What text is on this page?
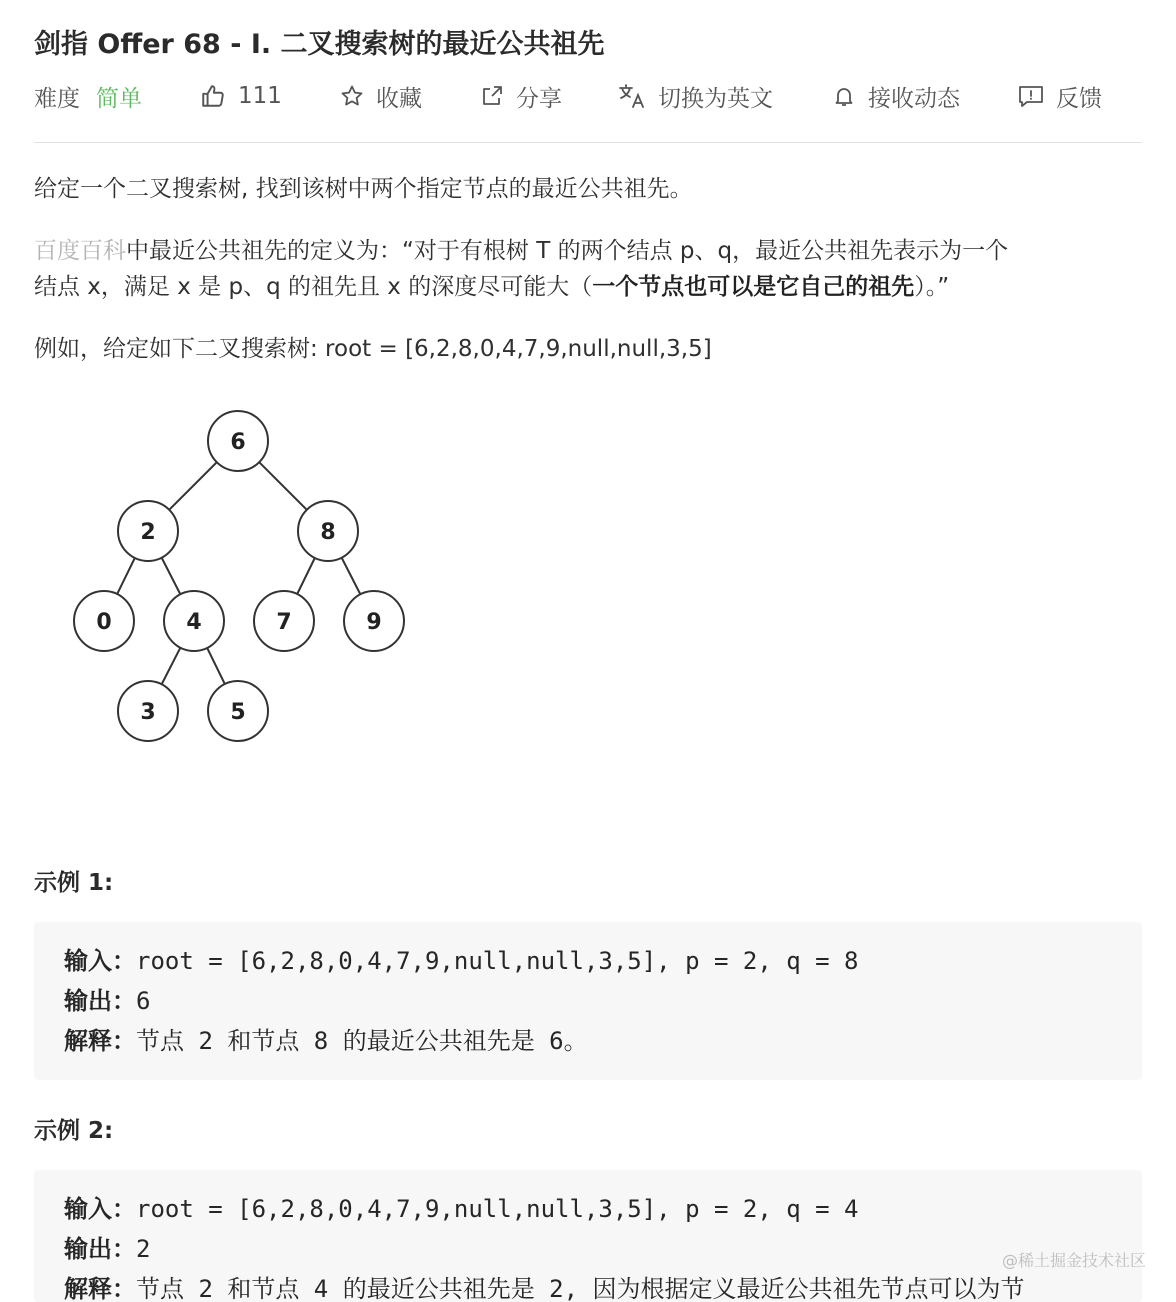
剑指 Offer 68 - I. 二叉搜索树的最近公共祖先
难度 简单	111	收藏	分享	切换为英文	接收动态	反馈
给定一个二叉搜索树, 找到该树中两个指定节点的最近公共祖先。
百度百科中最近公共祖先的定义为：“对于有根树 T 的两个结点 p、q，最近公共祖先表示为一个
结点 x，满足 x 是 p、q 的祖先且 x 的深度尽可能大（一个节点也可以是它自己的祖先）。”
例如，给定如下二叉搜索树: root = [6,2,8,0,4,7,9,null,null,3,5]
6
2	8
0	4	7	9
3	5
示例 1:
输入：root = [6,2,8,0,4,7,9,null,null,3,5], p = 2, q = 8
输出：6
解释：节点 2 和节点 8 的最近公共祖先是 6。
示例 2:
输入：root = [6,2,8,0,4,7,9,null,null,3,5], p = 2, q = 4
输出：2
解释：节点 2 和节点 4 的最近公共祖先是 2, 因为根据定义最近公共祖先节点可以为节
@稀土掘金技术社区
